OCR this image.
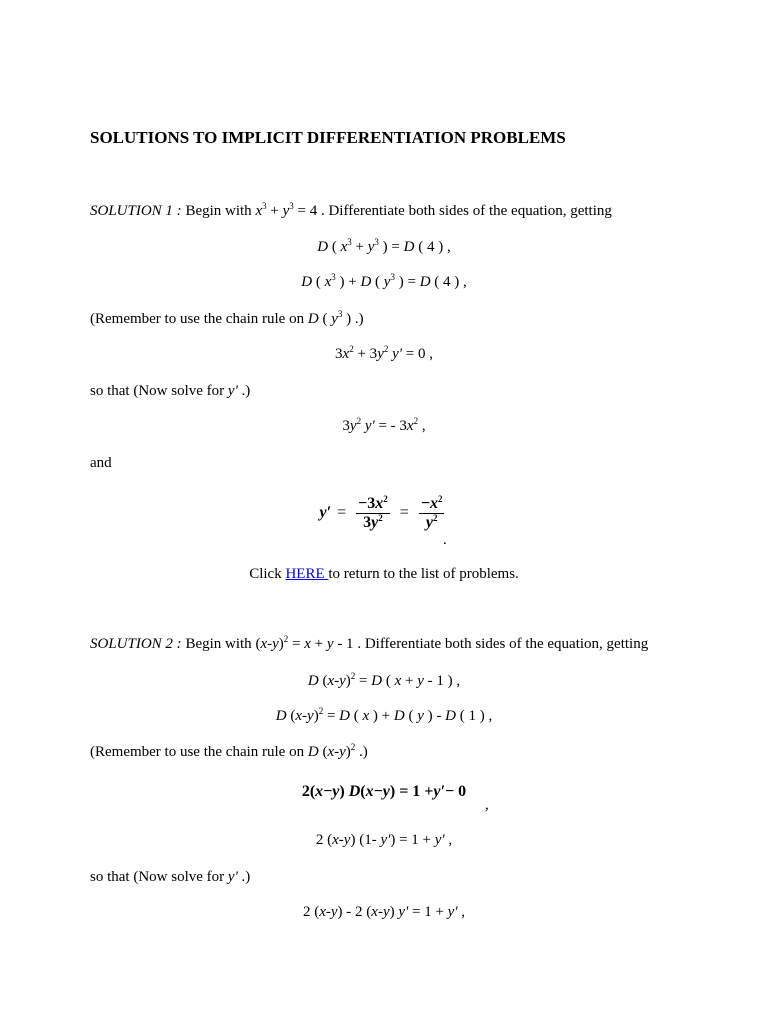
SOLUTIONS TO IMPLICIT DIFFERENTIATION PROBLEMS
SOLUTION 1 : Begin with $x^3 + y^3 = 4$ . Differentiate both sides of the equation, getting
D ( $x^3 + y^3$ ) = D ( 4 ) ,
D ( $x^3$ ) + D ( $y^3$ ) = D ( 4 ) ,
(Remember to use the chain rule on D ( $y^3$ ) .)
$3x^2 + 3y^2$ y' = 0 ,
so that (Now solve for y' .)
$3y^2$ y' = - $3x^2$ ,
and
$y' = \frac{-3x^2}{3y^2} = \frac{-x^2}{y^2}$
.
Click HERE to return to the list of problems.
SOLUTION 2 : Begin with $(x-y)^2 = x + y - 1$ . Differentiate both sides of the equation, getting
D $(x-y)^2 = D$ ( x + y - 1 ) ,
D $(x-y)^2 = D$ ( x ) + D ( y ) - D ( 1 ) ,
(Remember to use the chain rule on D $(x-y)^2$ .)
2( x − y ) D ( x − y ) = 1 + y′ − 0
,
2 (x-y) (1- y') = 1 + y' ,
so that (Now solve for y' .)
2 (x-y) - 2 (x-y) y' = 1 + y' ,
